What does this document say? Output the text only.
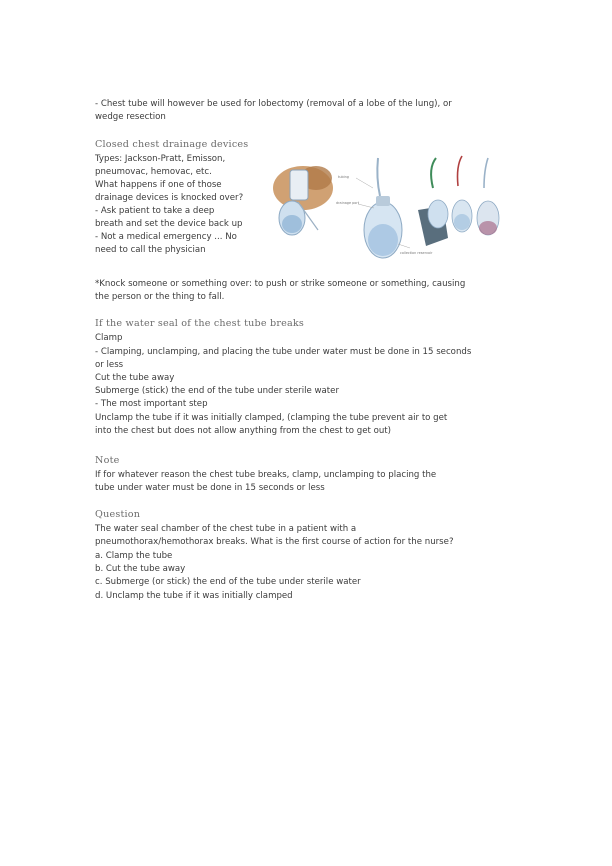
- Chest tube will however be used for lobectomy (removal of a lobe of the lung), or
wedge resection
Closed chest drainage devices
Types: Jackson-Pratt, Emisson,
pneumovac, hemovac, etc.
What happens if one of those
drainage devices is knocked over?
- Ask patient to take a deep
breath and set the device back up
- Not a medical emergency ... No
need to call the physician
tubing
drainage port
collection reservoir
*Knock someone or something over: to push or strike someone or something, causing
the person or the thing to fall.
If the water seal of the chest tube breaks
Clamp
- Clamping, unclamping, and placing the tube under water must be done in 15 seconds
or less
Cut the tube away
Submerge (stick) the end of the tube under sterile water
- The most important step
Unclamp the tube if it was initially clamped, (clamping the tube prevent air to get
into the chest but does not allow anything from the chest to get out)
Note
If for whatever reason the chest tube breaks, clamp, unclamping to placing the
tube under water must be done in 15 seconds or less
Question
The water seal chamber of the chest tube in a patient with a
pneumothorax/hemothorax breaks. What is the first course of action for the nurse?
a. Clamp the tube
b. Cut the tube away
c. Submerge (or stick) the end of the tube under sterile water
d. Unclamp the tube if it was initially clamped
